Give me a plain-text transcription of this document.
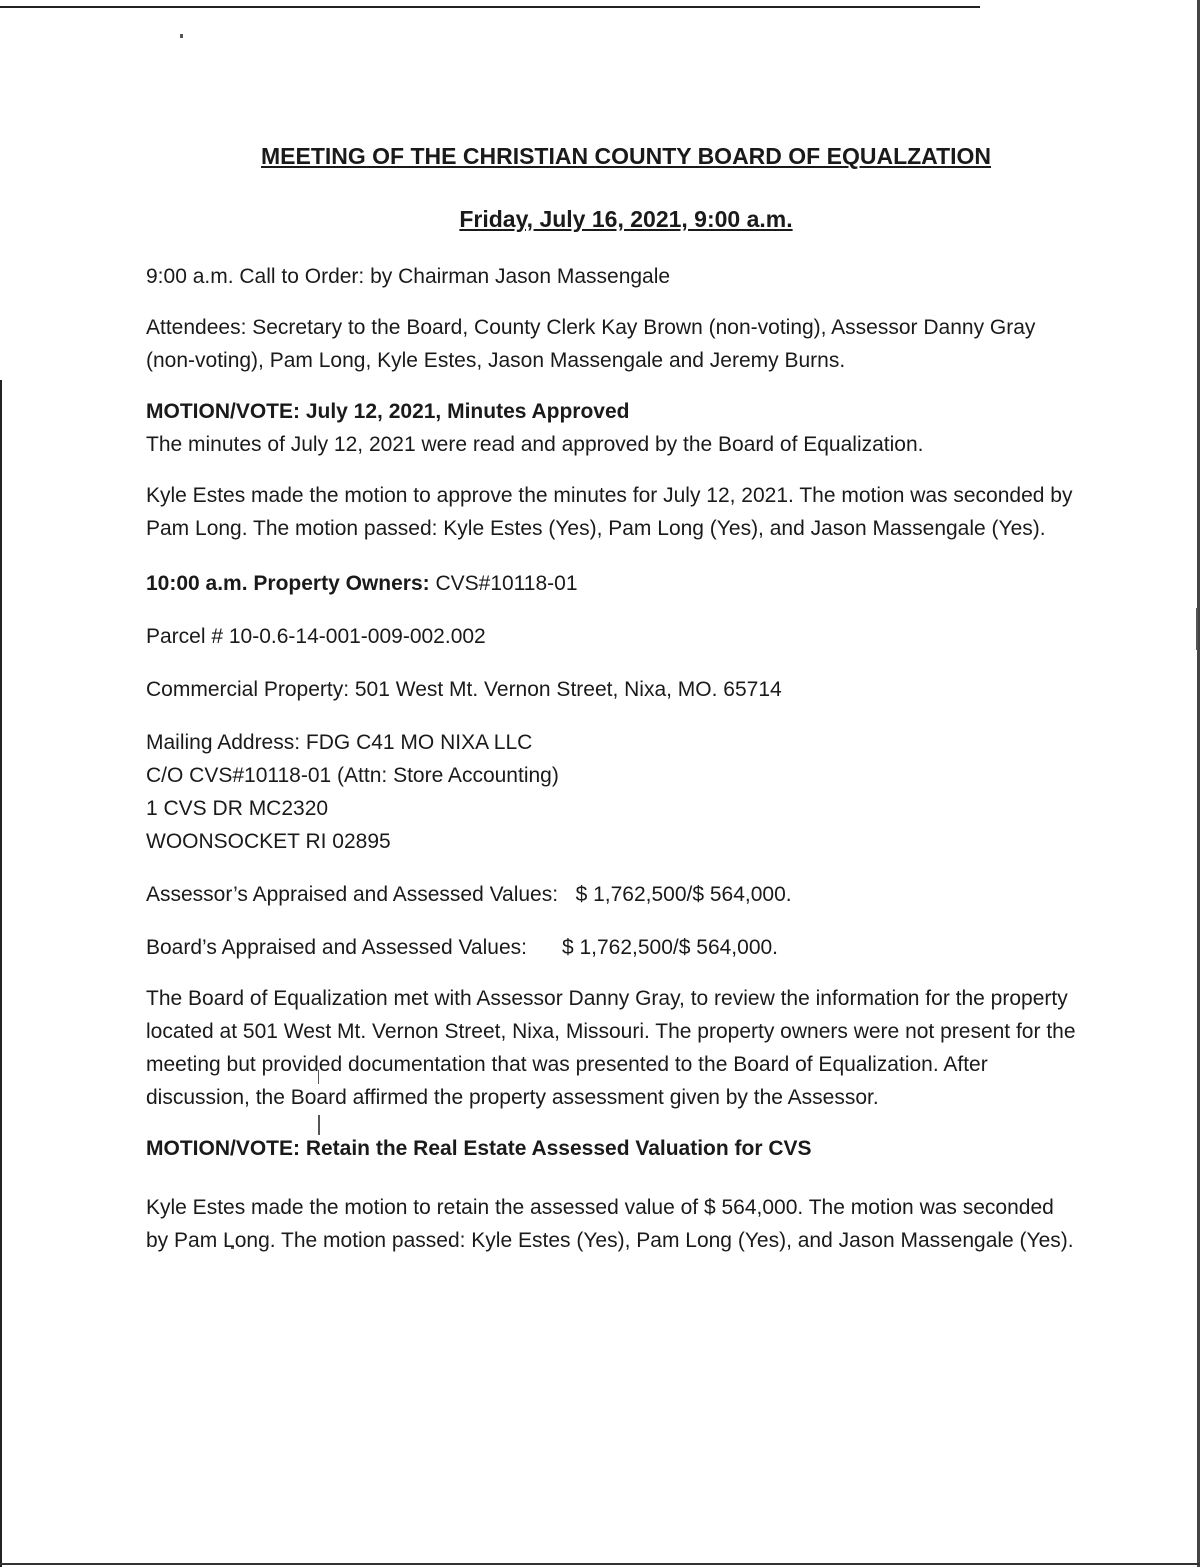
MEETING OF THE CHRISTIAN COUNTY BOARD OF EQUALZATION

Friday, July 16, 2021, 9:00 a.m.

9:00 a.m. Call to Order: by Chairman Jason Massengale

Attendees: Secretary to the Board, County Clerk Kay Brown (non-voting), Assessor Danny Gray (non-voting), Pam Long, Kyle Estes, Jason Massengale and Jeremy Burns.

MOTION/VOTE: July 12, 2021, Minutes Approved

The minutes of July 12, 2021 were read and approved by the Board of Equalization.

Kyle Estes made the motion to approve the minutes for July 12, 2021. The motion was seconded by Pam Long. The motion passed: Kyle Estes (Yes), Pam Long (Yes), and Jason Massengale (Yes).

10:00 a.m. Property Owners: CVS#10118-01

Parcel # 10-0.6-14-001-009-002.002

Commercial Property: 501 West Mt. Vernon Street, Nixa, MO. 65714

Mailing Address: FDG C41 MO NIXA LLC

C/O CVS#10118-01 (Attn: Store Accounting)

1 CVS DR MC2320

WOONSOCKET RI 02895

Assessor’s Appraised and Assessed Values:   $ 1,762,500/$ 564,000.

Board’s Appraised and Assessed Values:      $ 1,762,500/$ 564,000.

The Board of Equalization met with Assessor Danny Gray, to review the information for the property located at 501 West Mt. Vernon Street, Nixa, Missouri. The property owners were not present for the meeting but provided documentation that was presented to the Board of Equalization. After discussion, the Board affirmed the property assessment given by the Assessor.

MOTION/VOTE: Retain the Real Estate Assessed Valuation for CVS

Kyle Estes made the motion to retain the assessed value of $ 564,000. The motion was seconded by Pam Long. The motion passed: Kyle Estes (Yes), Pam Long (Yes), and Jason Massengale (Yes).
